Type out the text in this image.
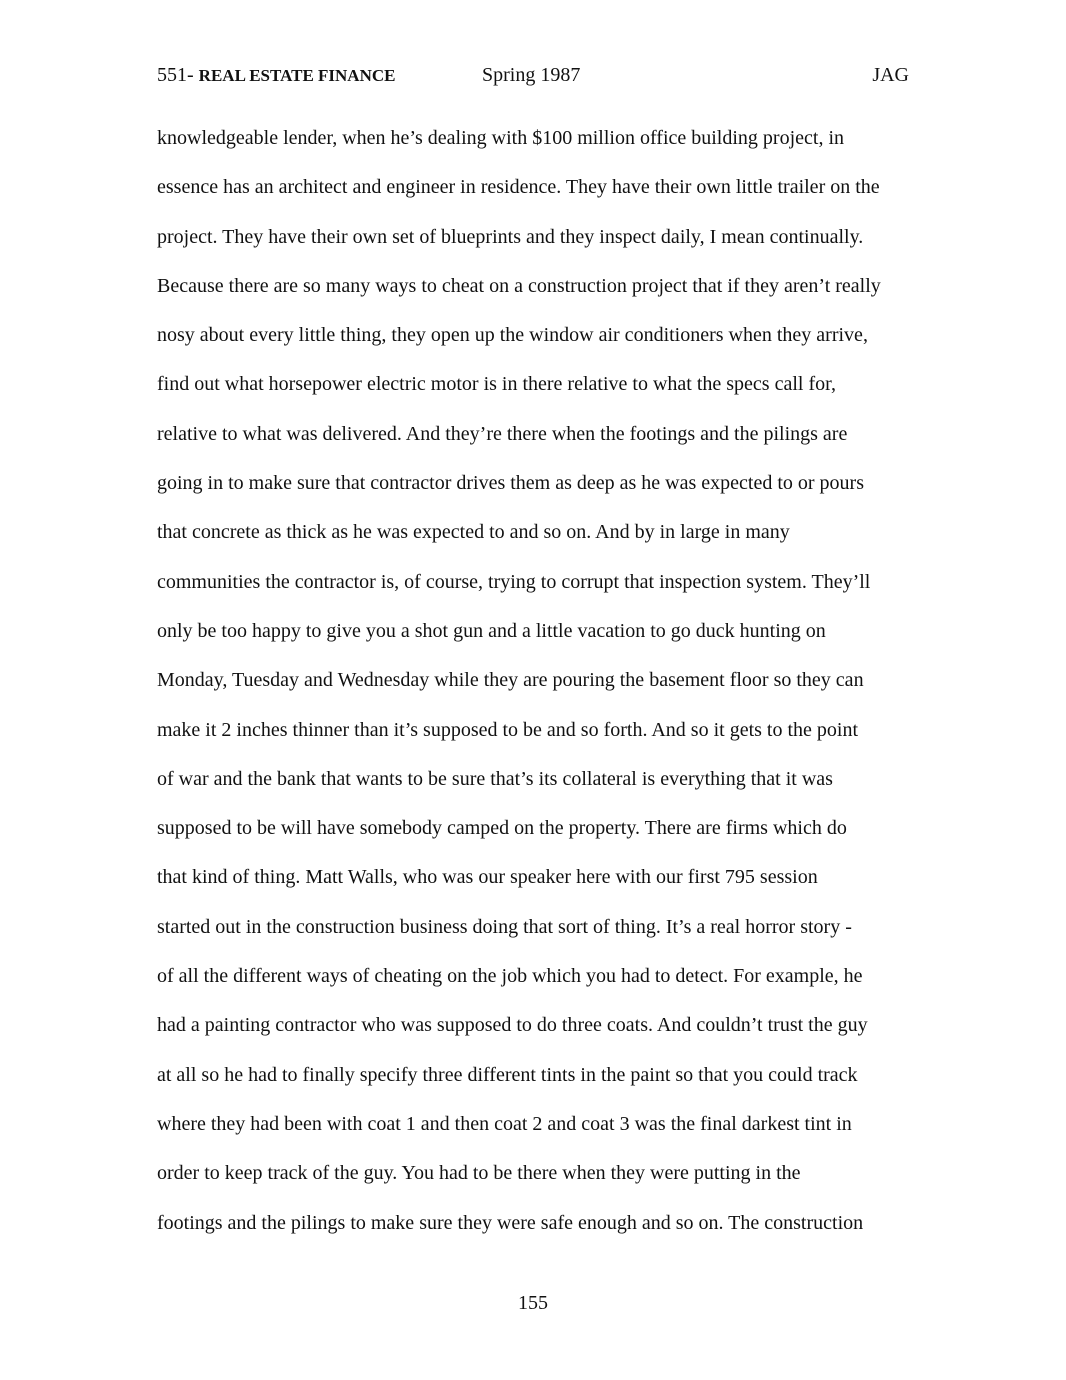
551- REAL ESTATE FINANCE	Spring 1987	JAG
knowledgeable lender, when he’s dealing with $100 million office building project, in
essence has an architect and engineer in residence. They have their own little trailer on the
project. They have their own set of blueprints and they inspect daily, I mean continually.
Because there are so many ways to cheat on a construction project that if they aren’t really
nosy about every little thing, they open up the window air conditioners when they arrive,
find out what horsepower electric motor is in there relative to what the specs call for,
relative to what was delivered. And they’re there when the footings and the pilings are
going in to make sure that contractor drives them as deep as he was expected to or pours
that concrete as thick as he was expected to and so on. And by in large in many
communities the contractor is, of course, trying to corrupt that inspection system. They’ll
only be too happy to give you a shot gun and a little vacation to go duck hunting on
Monday, Tuesday and Wednesday while they are pouring the basement floor so they can
make it 2 inches thinner than it’s supposed to be and so forth. And so it gets to the point
of war and the bank that wants to be sure that’s its collateral is everything that it was
supposed to be will have somebody camped on the property. There are firms which do
that kind of thing. Matt Walls, who was our speaker here with our first 795 session
started out in the construction business doing that sort of thing. It’s a real horror story -
of all the different ways of cheating on the job which you had to detect. For example, he
had a painting contractor who was supposed to do three coats. And couldn’t trust the guy
at all so he had to finally specify three different tints in the paint so that you could track
where they had been with coat 1 and then coat 2 and coat 3 was the final darkest tint in
order to keep track of the guy. You had to be there when they were putting in the
footings and the pilings to make sure they were safe enough and so on. The construction
155
